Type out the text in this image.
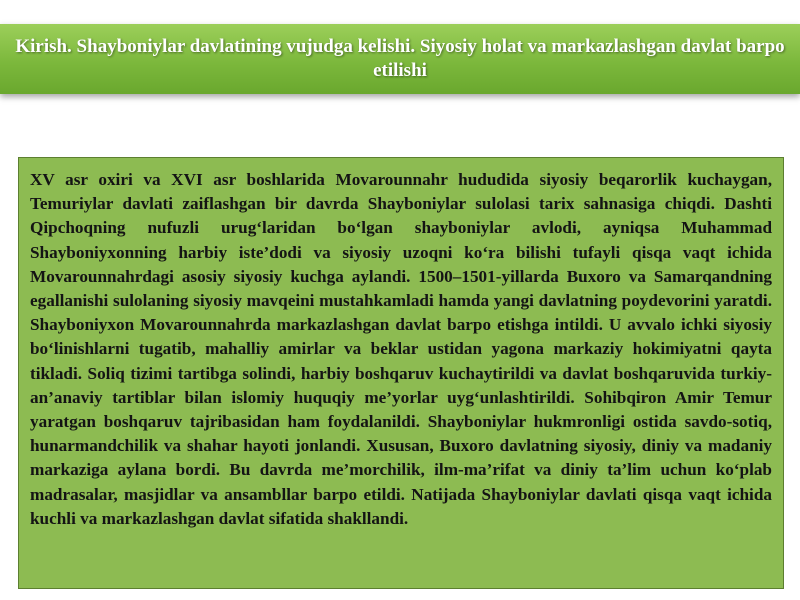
Kirish. Shayboniylar davlatining vujudga kelishi. Siyosiy holat va markazlashgan davlat barpo etilishi

XV asr oxiri va XVI asr boshlarida Movarounnahr hududida siyosiy beqarorlik kuchaygan, Temuriylar davlati zaiflashgan bir davrda Shayboniylar sulolasi tarix sahnasiga chiqdi. Dashti Qipchoqning nufuzli urug‘laridan bo‘lgan shayboniylar avlodi, ayniqsa Muhammad Shayboniyxonning harbiy iste’dodi va siyosiy uzoqni ko‘ra bilishi tufayli qisqa vaqt ichida Movarounnahrdagi asosiy siyosiy kuchga aylandi. 1500–1501-yillarda Buxoro va Samarqandning egallanishi sulolaning siyosiy mavqeini mustahkamladi hamda yangi davlatning poydevorini yaratdi. Shayboniyxon Movarounnahrda markazlashgan davlat barpo etishga intildi. U avvalo ichki siyosiy bo‘linishlarni tugatib, mahalliy amirlar va beklar ustidan yagona markaziy hokimiyatni qayta tikladi. Soliq tizimi tartibga solindi, harbiy boshqaruv kuchaytirildi va davlat boshqaruvida turkiy-an’anaviy tartiblar bilan islomiy huquqiy me’yorlar uyg‘unlashtirildi. Sohibqiron Amir Temur yaratgan boshqaruv tajribasidan ham foydalanildi. Shayboniylar hukmronligi ostida savdo-sotiq, hunarmandchilik va shahar hayoti jonlandi. Xususan, Buxoro davlatning siyosiy, diniy va madaniy markaziga aylana bordi. Bu davrda me’morchilik, ilm-ma’rifat va diniy ta’lim uchun ko‘plab madrasalar, masjidlar va ansambllar barpo etildi. Natijada Shayboniylar davlati qisqa vaqt ichida kuchli va markazlashgan davlat sifatida shakllandi.
